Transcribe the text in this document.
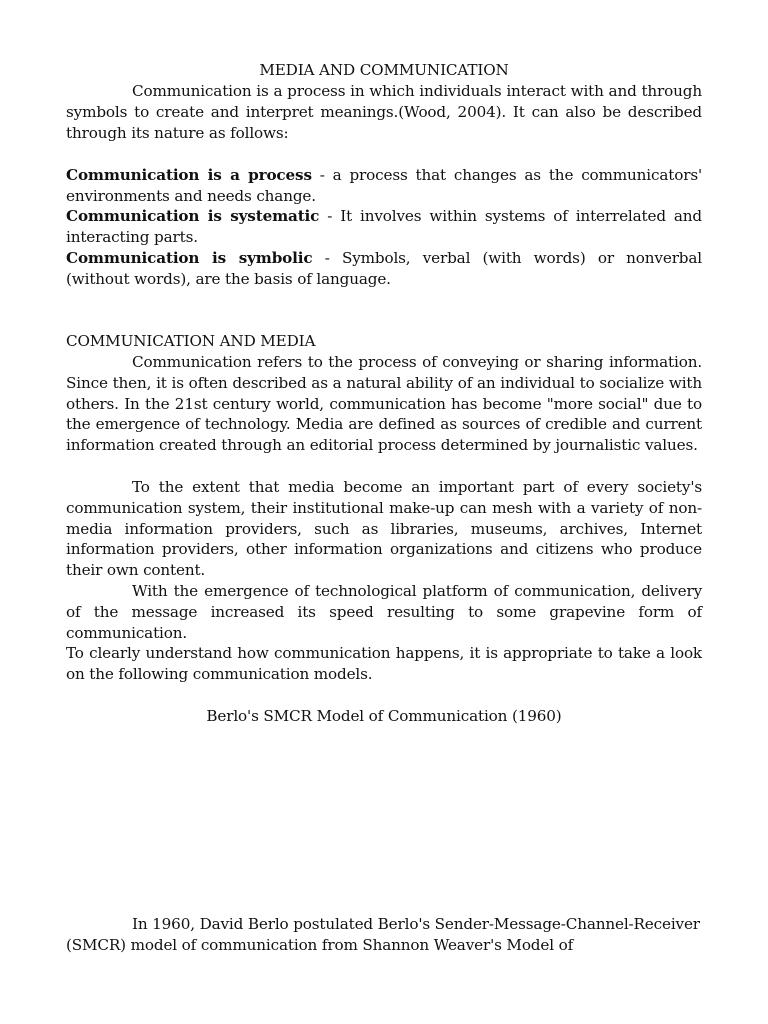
MEDIA AND COMMUNICATION

Communication is a process in which individuals interact with and through symbols to create and interpret meanings.(Wood, 2004). It can also be described through its nature as follows:

Communication is a process - a process that changes as the communicators' environments and needs change.

Communication is systematic - It involves within systems of interrelated and interacting parts.

Communication is symbolic - Symbols, verbal (with words) or nonverbal (without words), are the basis of language.

COMMUNICATION AND MEDIA

Communication refers to the process of conveying or sharing information. Since then, it is often described as a natural ability of an individual to socialize with others. In the 21st century world, communication has become "more social" due to the emergence of technology. Media are defined as sources of credible and current information created through an editorial process determined by journalistic values.

To the extent that media become an important part of every society's communication system, their institutional make-up can mesh with a variety of non-media information providers, such as libraries, museums, archives, Internet information providers, other information organizations and citizens who produce their own content.

With the emergence of technological platform of communication, delivery of the message increased its speed resulting to some grapevine form of communication.

To clearly understand how communication happens, it is appropriate to take a look on the following communication models.

Berlo's SMCR Model of Communication (1960)

In 1960, David Berlo postulated Berlo's Sender-Message-Channel-Receiver (SMCR) model of communication from Shannon Weaver's Model of
